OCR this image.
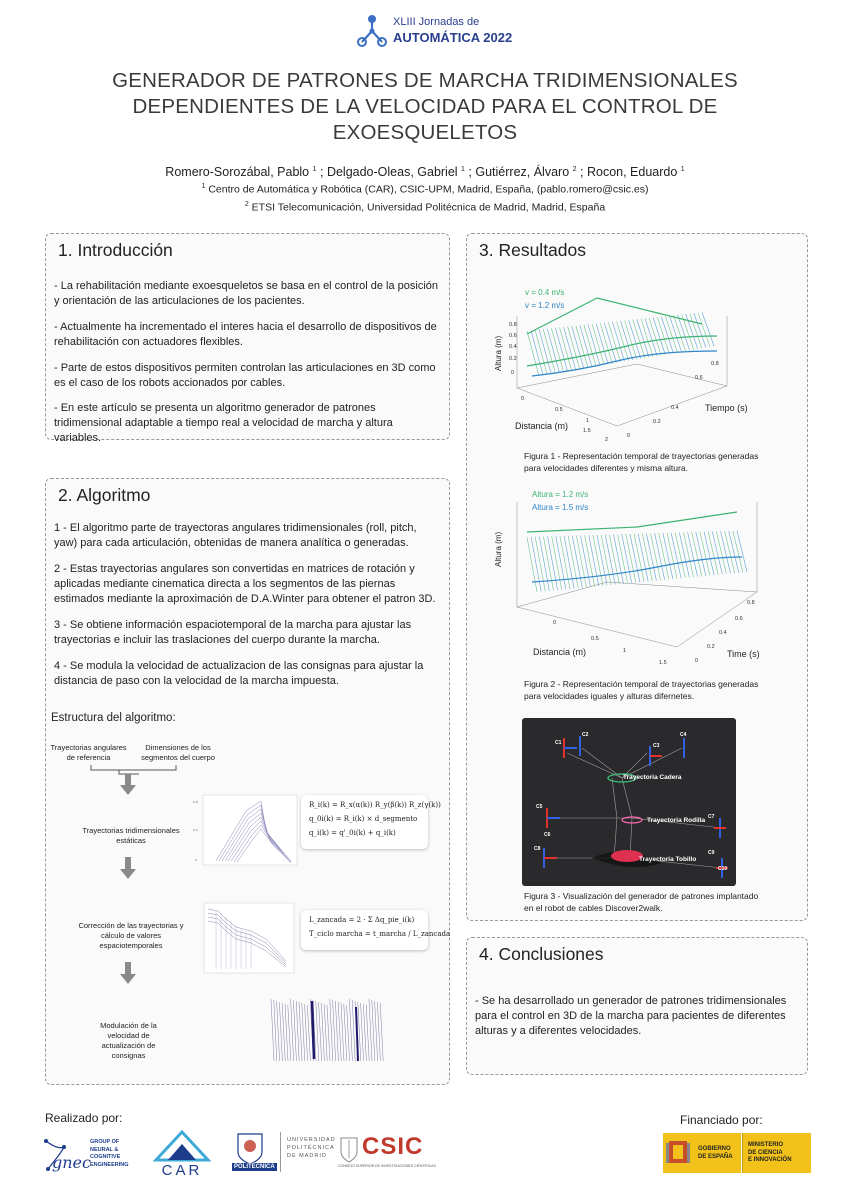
XLIII Jornadas de
AUTOMÁTICA 2022
GENERADOR DE PATRONES DE MARCHA TRIDIMENSIONALES
DEPENDIENTES DE LA VELOCIDAD PARA EL CONTROL DE
EXOESQUELETOS
Romero-Sorozábal, Pablo $^1$ ; Delgado-Oleas, Gabriel $^1$ ; Gutiérrez, Álvaro $^2$ ; Rocon, Eduardo $^1$
$^1$ Centro de Automática y Robótica (CAR), CSIC-UPM, Madrid, España, (pablo.romero@csic.es)
$^2$ ETSI Telecomunicación, Universidad Politécnica de Madrid, Madrid, España
1. Introducción
- La rehabilitación mediante exoesqueletos se basa en el control de la posición y orientación de las articulaciones de los pacientes.
- Actualmente ha incrementado el interes hacia el desarrollo de dispositivos de rehabilitación con actuadores flexibles.
- Parte de estos dispositivos permiten controlan las articulaciones en 3D como es el caso de los robots accionados por cables.
- En este artículo se presenta un algoritmo generador de patrones tridimensional adaptable a tiempo real a velocidad de marcha y altura variables.
2. Algoritmo
1 - El algoritmo parte de trayectoras angulares tridimensionales (roll, pitch, yaw) para cada articulación, obtenidas de manera analítica o generadas.
2 - Estas trayectorias angulares son convertidas en matrices de rotación y aplicadas mediante cinematica directa a los segmentos de las piernas estimados mediante la aproximación de D.A.Winter para obtener el patron 3D.
3 - Se obtiene información espaciotemporal de la marcha para ajustar las trayectorias e incluir las traslaciones del cuerpo durante la marcha.
4 - Se modula la velocidad de actualizacion de las consignas para ajustar la distancia de paso con la velocidad de la marcha impuesta.
Estructura del algoritmo:
Trayectorias angulares de referencia
Dimensiones de los segmentos del cuerpo
Trayectorias tridimensionales estáticas
Corrección de las trayectorias y cálculo de valores espaciotemporales
Modulación de la velocidad de actualización de consignas
0.8
0.4
0
R_i(k) = R_x(α(k)) R_y(β(k)) R_z(γ(k))
q_0i(k) = R_i(k) × d_segmento
q_i(k) = q'_0i(k) + q_i(k)
L_zancada = 2 · Σ Δq_pie_i(k)
T_ciclo marcha = t_marcha / L_zancada
3. Resultados
v = 0.4 m/s
v = 1.2 m/s
Altura (m)
Distancia (m)
Tiempo (s)
0
0.2
0.4
0.6
0.8
0
0.5
1
1.5
2
0
0.2
0.4
0.6
0.8
Figura 1 - Representación temporal de trayectorias generadas para velocidades diferentes y misma altura.
Altura = 1.2 m/s
Altura = 1.5 m/s
Altura (m)
Distancia (m)	Time (s)
0
0.5
1
1.5	0
0.2
0.4
0.6
0.8
Figura 2 - Representación temporal de trayectorias generadas para velocidades iguales y alturas difernetes.
Trayectoria Cadera
Trayectoria Rodilla
Trayectoria Tobillo
C1
C2
C3
C4
C5
C6
C7
C8
C9
C10
Figura 3 - Visualización del generador de patrones implantado en el robot de cables Discover2walk.
4. Conclusiones
- Se ha desarrollado un generador de patrones tridimensionales para el control en 3D de la marcha para pacientes de diferentes alturas y a diferentes velocidades.
Realizado por:	Financiado por:
gnec
GROUP OF
NEURAL &
COGNITIVE
ENGINEERING	CAR	POLITÉCNICA
UNIVERSIDAD
POLITÉCNICA
DE MADRID	CSIC
CONSEJO SUPERIOR DE INVESTIGACIONES CIENTÍFICAS
GOBIERNO
DE ESPAÑA
MINISTERIO
DE CIENCIA
E INNOVACIÓN
